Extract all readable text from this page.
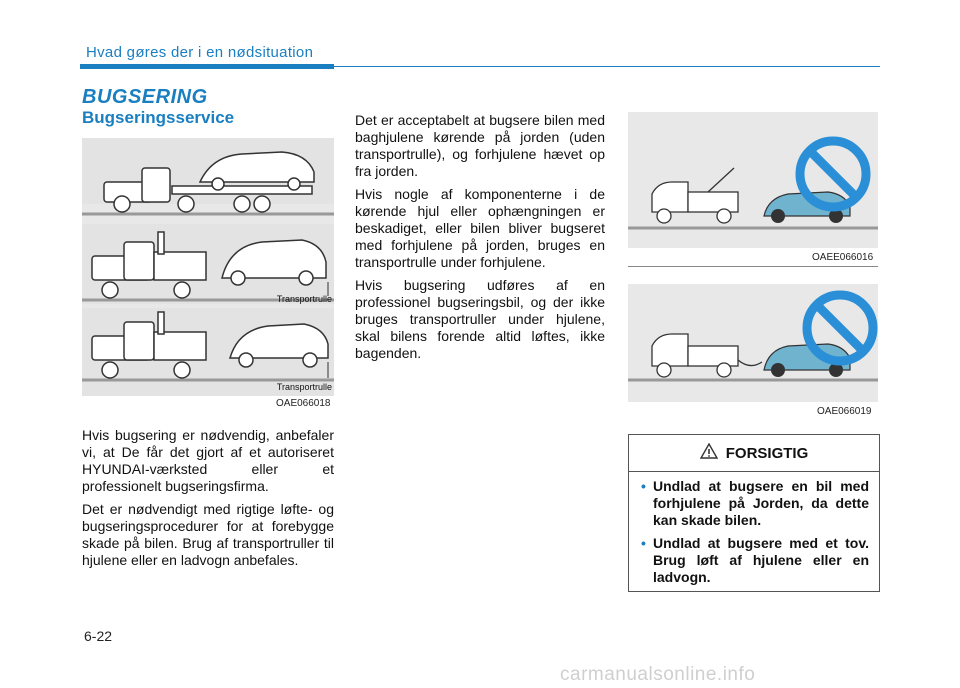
Hvad gøres der i en nødsituation
BUGSERING
Bugseringsservice
Transportrulle
Transportrulle
OAE066018

Hvis bugsering er nødvendig, anbefaler vi, at De får det gjort af et autoriseret HYUNDAI-værksted eller et professionelt bugseringsfirma.

Det er nødvendigt med rigtige løfte- og bugseringsprocedurer for at forebygge skade på bilen. Brug af transportruller til hjulene eller en ladvogn anbefales.

Det er acceptabelt at bugsere bilen med baghjulene kørende på jorden (uden transportrulle), og forhjulene hævet op fra jorden.

Hvis nogle af komponenterne i de kørende hjul eller ophængningen er beskadiget, eller bilen bliver bugseret med forhjulene på jorden, bruges en transportrulle under forhjulene.

Hvis bugsering udføres af en professionel bugseringsbil, og der ikke bruges transportruller under hjulene, skal bilens forende altid løftes, ikke bagenden.

OAEE066016
OAE066019
FORSIGTIG
• Undlad at bugsere en bil med forhjulene på Jorden, da dette kan skade bilen.
• Undlad at bugsere med et tov. Brug løft af hjulene eller en ladvogn.
6-22
carmanualsonline.info
